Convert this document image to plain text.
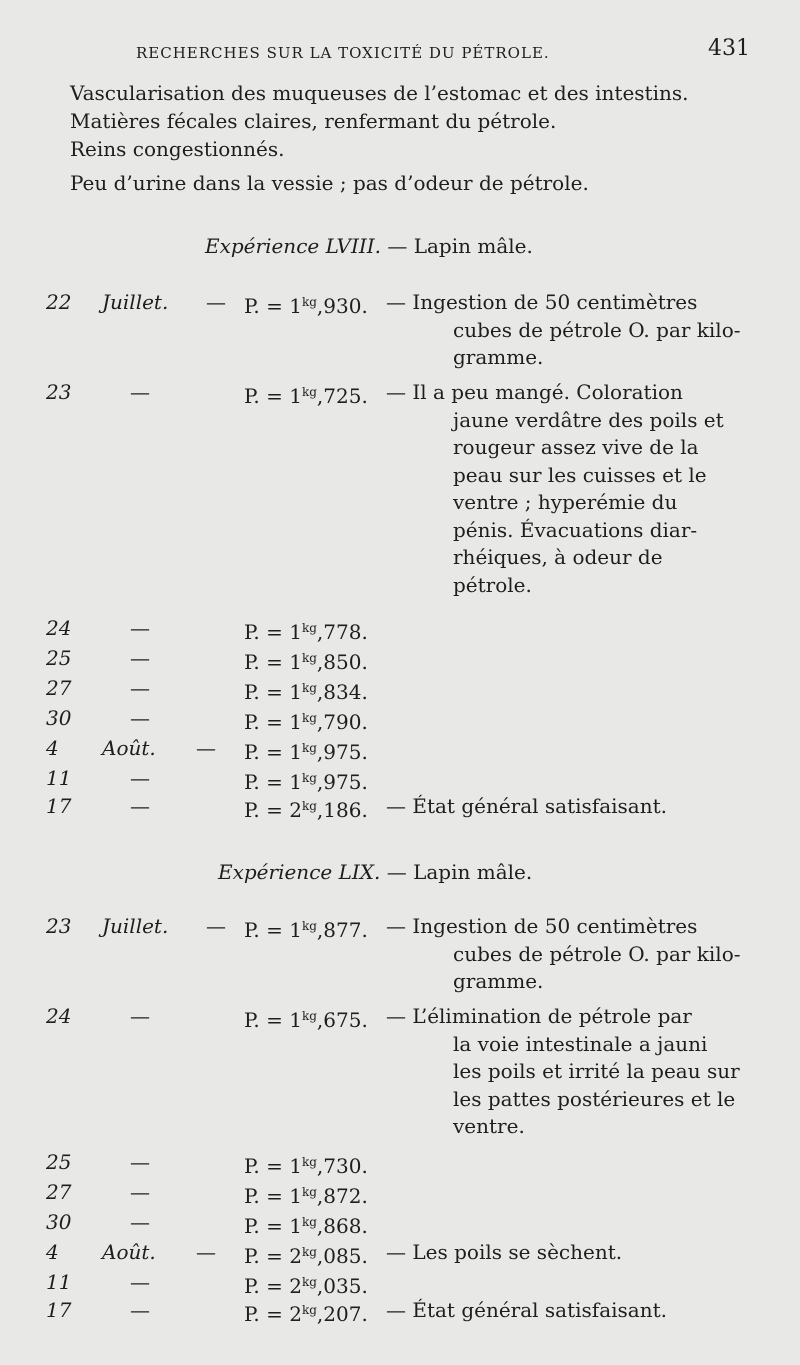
RECHERCHES SUR LA TOXICITÉ DU PÉTROLE.	431
Vascularisation des muqueuses de l’estomac et des intestins.
Matières fécales claires, renfermant du pétrole.
Reins congestionnés.
Peu d’urine dans la vessie ; pas d’odeur de pétrole.
Expérience LVIII. — Lapin mâle.
22 Juillet. — P. = $1^{kg},930$. — Ingestion de 50 centimètres
cubes de pétrole O. par kilo-
gramme.
23	—	P. = $1^{kg},725$. — Il a peu mangé. Coloration
jaune verdâtre des poils et
rougeur assez vive de la
peau sur les cuisses et le
ventre ; hyperémie du
pénis. Évacuations diar-
rhéiques, à odeur de
pétrole.
24	—	P. = $1^{kg},778$.
25	—	P. = $1^{kg},850$.
27	—	P. = $1^{kg},834$.
30	—	P. = $1^{kg},790$.
4 Août. — P. = $1^{kg},975$.
11	—	P. = $1^{kg},975$.
17	—	P. = $2^{kg},186$. — État général satisfaisant.
Expérience LIX. — Lapin mâle.
23 Juillet. — P. = $1^{kg},877$. — Ingestion de 50 centimètres
cubes de pétrole O. par kilo-
gramme.
24	—	P. = $1^{kg},675$. — L’élimination de pétrole par
la voie intestinale a jauni
les poils et irrité la peau sur
les pattes postérieures et le
ventre.
25	—	P. = $1^{kg},730$.
27	—	P. = $1^{kg},872$.
30	—	P. = $1^{kg},868$.
4 Août. — P. = $2^{kg},085$. — Les poils se sèchent.
11	—	P. = $2^{kg},035$.
17	—	P. = $2^{kg},207$. — État général satisfaisant.
